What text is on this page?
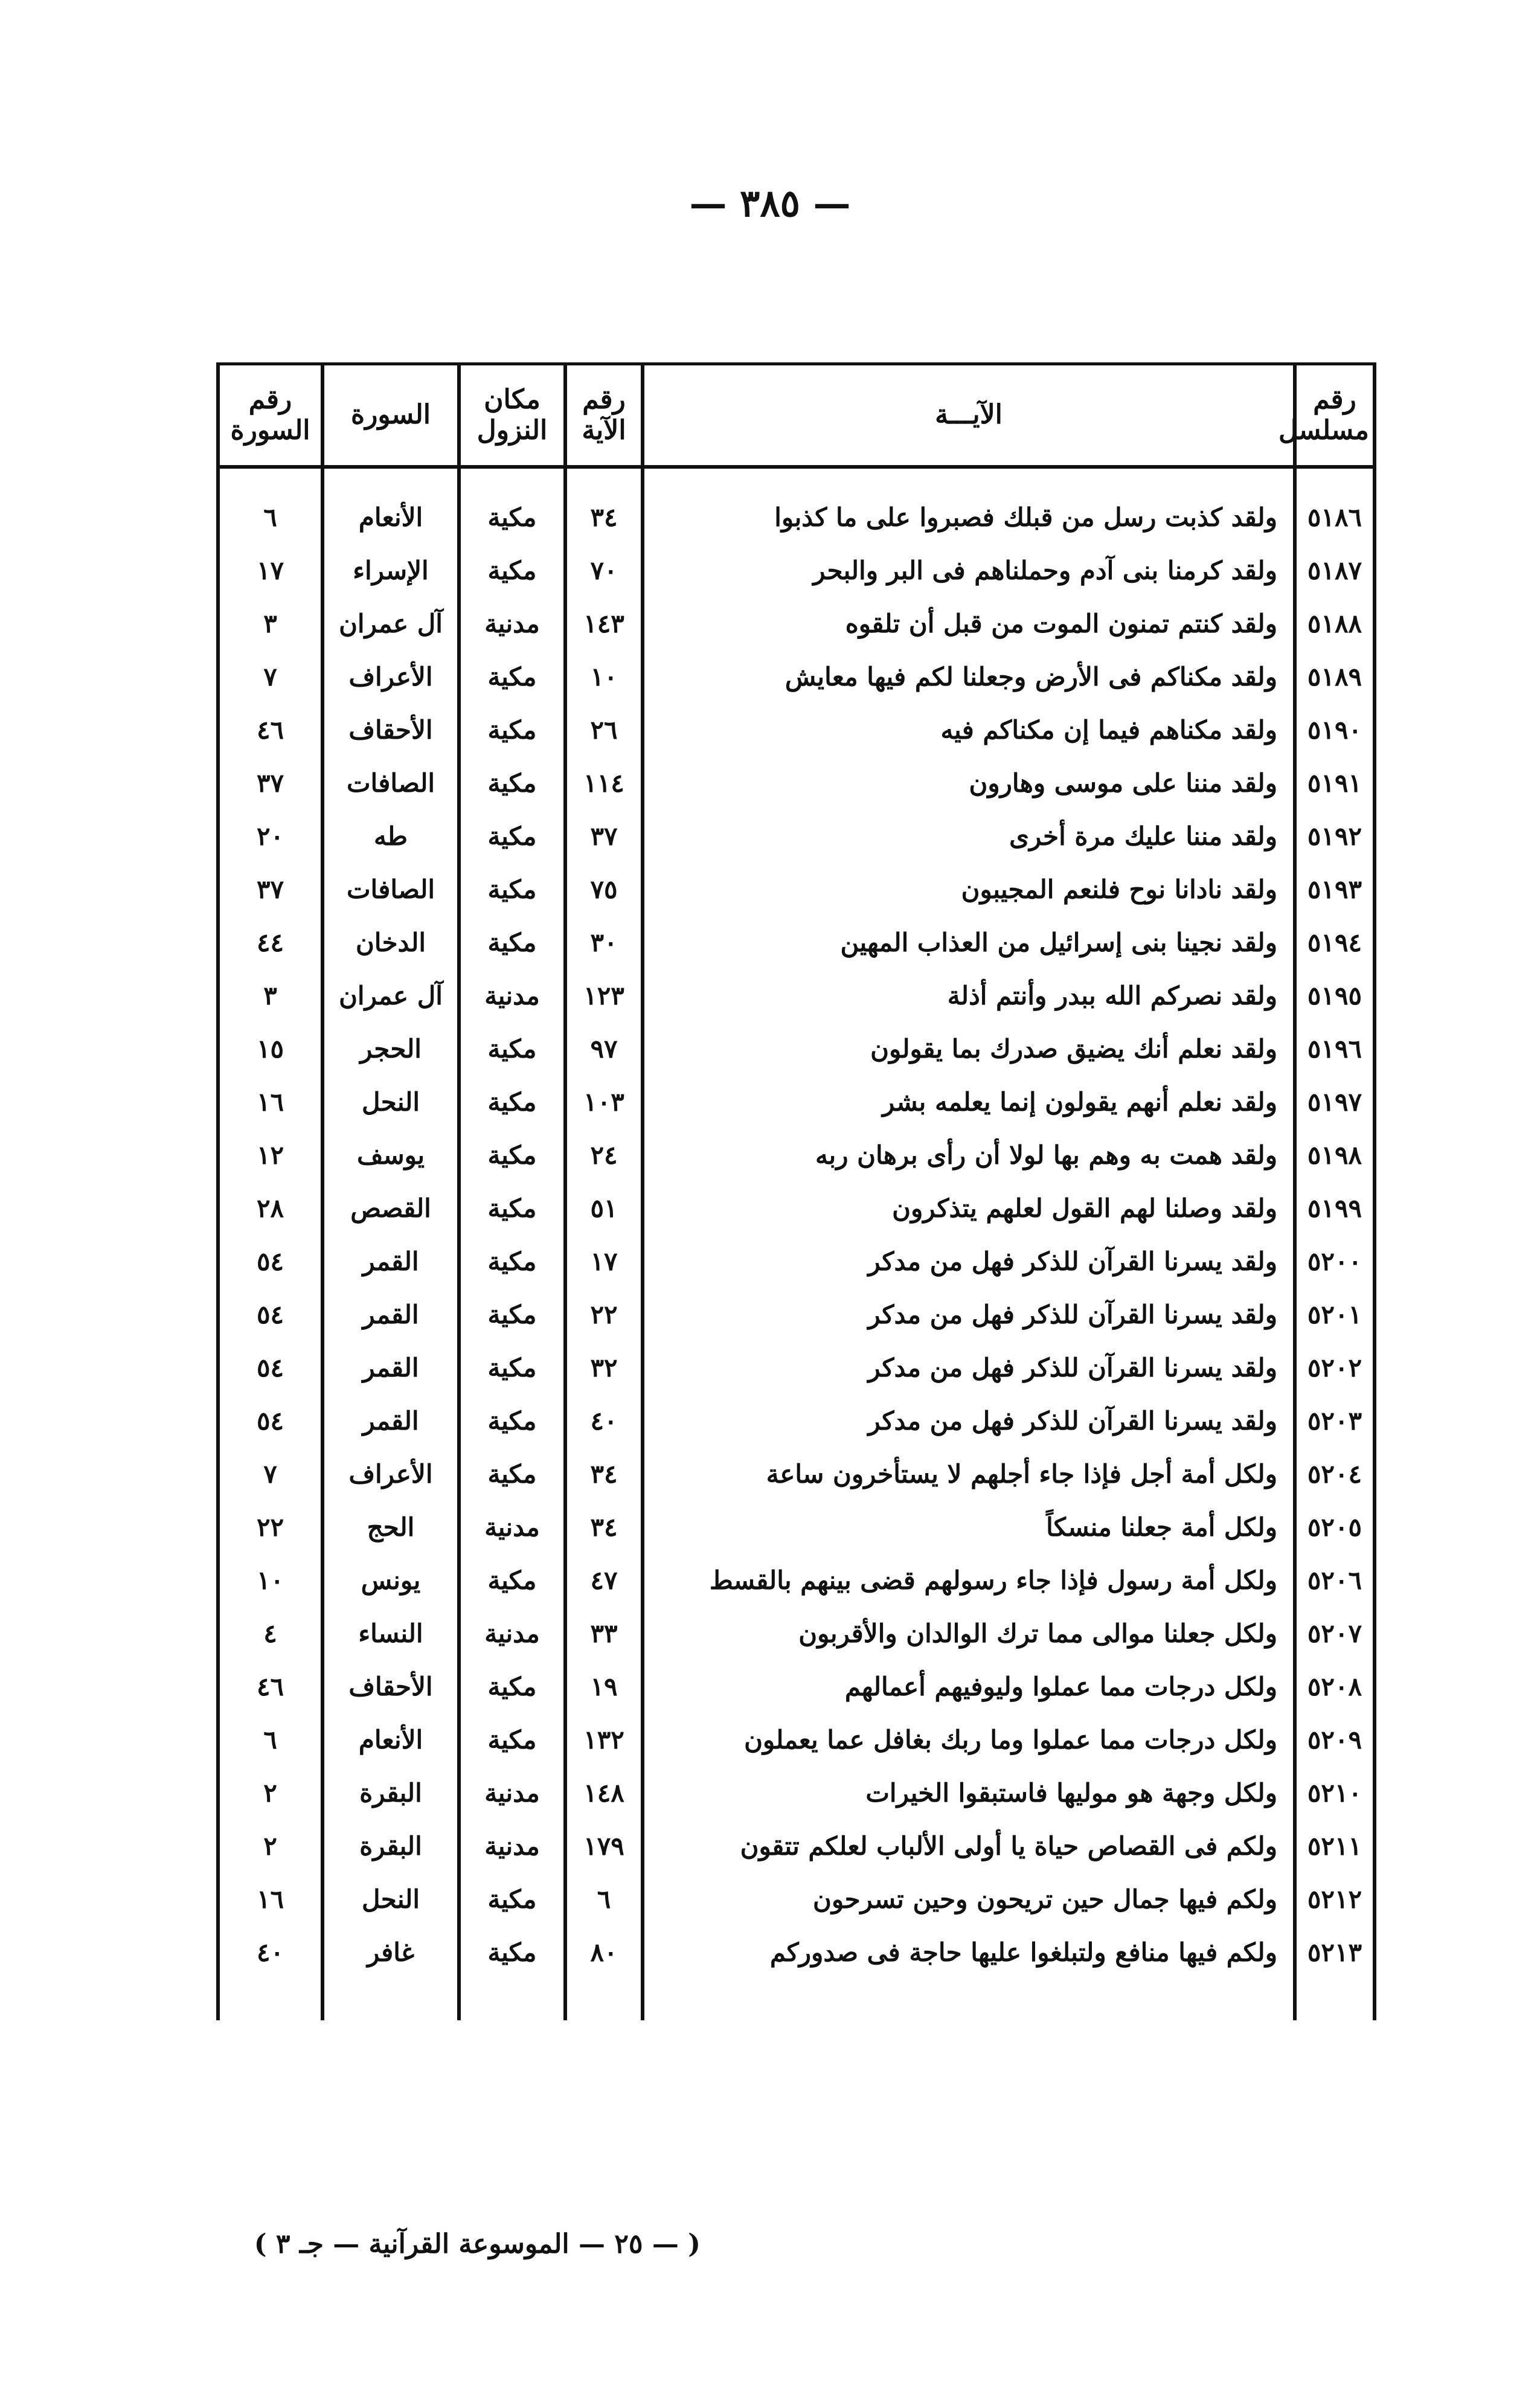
— ٣٨٥ —
رقم مسلسل	الآيـــة	رقم الآية	مكان النزول	السورة	رقم السورة

٥١٨٦	ولقد كذبت رسل من قبلك فصبروا على ما كذبوا	٣٤	مكية	الأنعام	٦
٥١٨٧	ولقد كرمنا بنى آدم وحملناهم فى البر والبحر	٧٠	مكية	الإسراء	١٧
٥١٨٨	ولقد كنتم تمنون الموت من قبل أن تلقوه	١٤٣	مدنية	آل عمران	٣
٥١٨٩	ولقد مكناكم فى الأرض وجعلنا لكم فيها معايش	١٠	مكية	الأعراف	٧
٥١٩٠	ولقد مكناهم فيما إن مكناكم فيه	٢٦	مكية	الأحقاف	٤٦
٥١٩١	ولقد مننا على موسى وهارون	١١٤	مكية	الصافات	٣٧
٥١٩٢	ولقد مننا عليك مرة أخرى	٣٧	مكية	طه	٢٠
٥١٩٣	ولقد نادانا نوح فلنعم المجيبون	٧٥	مكية	الصافات	٣٧
٥١٩٤	ولقد نجينا بنى إسرائيل من العذاب المهين	٣٠	مكية	الدخان	٤٤
٥١٩٥	ولقد نصركم الله ببدر وأنتم أذلة	١٢٣	مدنية	آل عمران	٣
٥١٩٦	ولقد نعلم أنك يضيق صدرك بما يقولون	٩٧	مكية	الحجر	١٥
٥١٩٧	ولقد نعلم أنهم يقولون إنما يعلمه بشر	١٠٣	مكية	النحل	١٦
٥١٩٨	ولقد همت به وهم بها لولا أن رأى برهان ربه	٢٤	مكية	يوسف	١٢
٥١٩٩	ولقد وصلنا لهم القول لعلهم يتذكرون	٥١	مكية	القصص	٢٨
٥٢٠٠	ولقد يسرنا القرآن للذكر فهل من مدكر	١٧	مكية	القمر	٥٤
٥٢٠١	ولقد يسرنا القرآن للذكر فهل من مدكر	٢٢	مكية	القمر	٥٤
٥٢٠٢	ولقد يسرنا القرآن للذكر فهل من مدكر	٣٢	مكية	القمر	٥٤
٥٢٠٣	ولقد يسرنا القرآن للذكر فهل من مدكر	٤٠	مكية	القمر	٥٤
٥٢٠٤	ولكل أمة أجل فإذا جاء أجلهم لا يستأخرون ساعة	٣٤	مكية	الأعراف	٧
٥٢٠٥	ولكل أمة جعلنا منسكاً	٣٤	مدنية	الحج	٢٢
٥٢٠٦	ولكل أمة رسول فإذا جاء رسولهم قضى بينهم بالقسط	٤٧	مكية	يونس	١٠
٥٢٠٧	ولكل جعلنا موالى مما ترك الوالدان والأقربون	٣٣	مدنية	النساء	٤
٥٢٠٨	ولكل درجات مما عملوا وليوفيهم أعمالهم	١٩	مكية	الأحقاف	٤٦
٥٢٠٩	ولكل درجات مما عملوا وما ربك بغافل عما يعملون	١٣٢	مكية	الأنعام	٦
٥٢١٠	ولكل وجهة هو موليها فاستبقوا الخيرات	١٤٨	مدنية	البقرة	٢
٥٢١١	ولكم فى القصاص حياة يا أولى الألباب لعلكم تتقون	١٧٩	مدنية	البقرة	٢
٥٢١٢	ولكم فيها جمال حين تريحون وحين تسرحون	٦	مكية	النحل	١٦
٥٢١٣	ولكم فيها منافع ولتبلغوا عليها حاجة فى صدوركم	٨٠	مكية	غافر	٤٠

( — ٢٥ — الموسوعة القرآنية — جـ ٣ )
